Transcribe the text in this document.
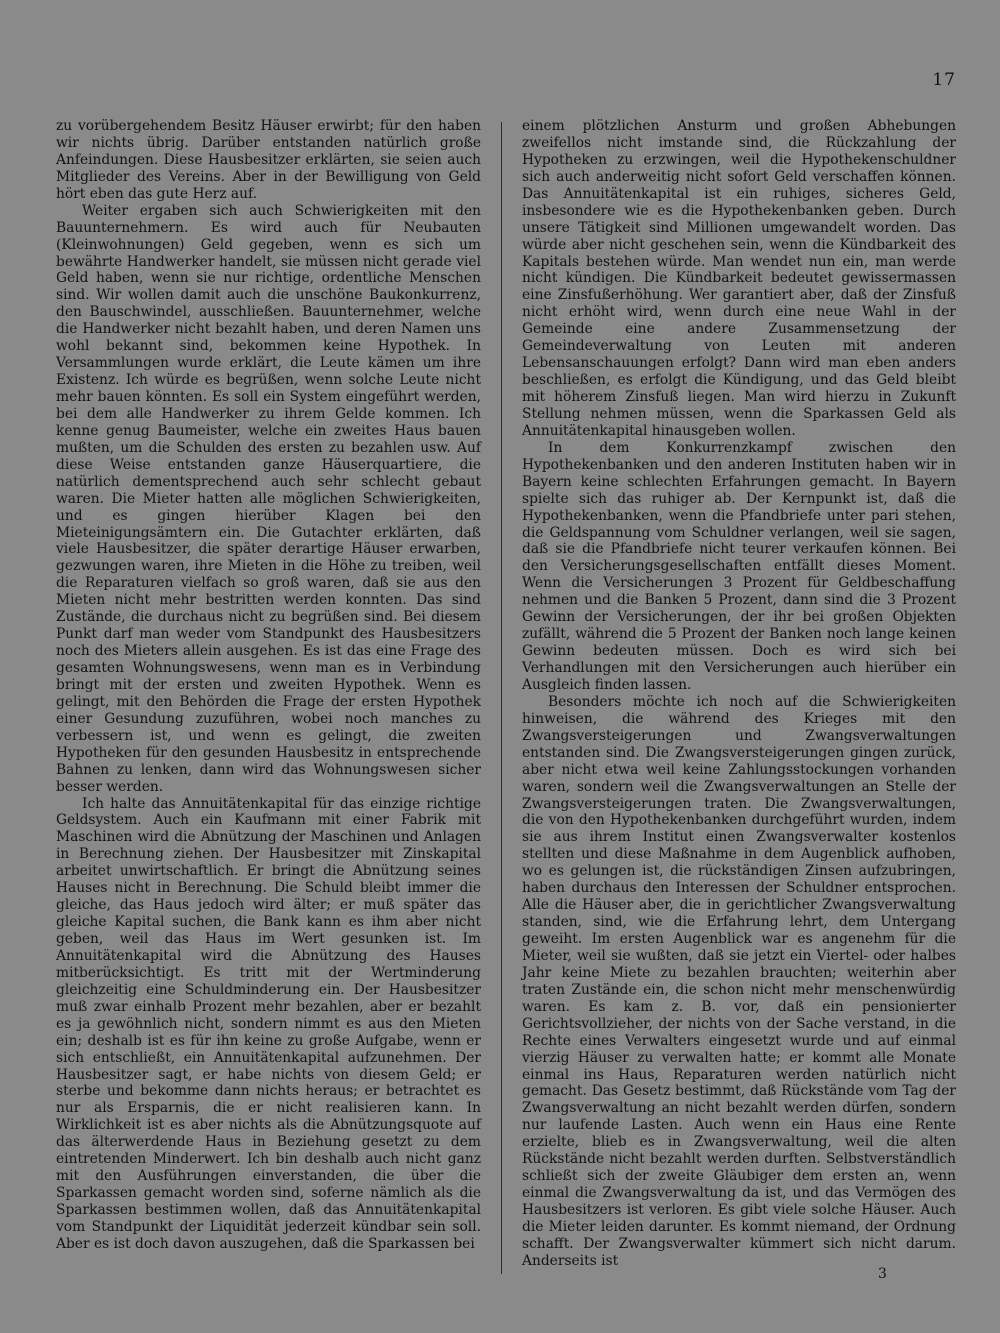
17

zu vorübergehendem Besitz Häuser erwirbt; für den haben wir nichts übrig. Darüber entstanden natürlich große Anfeindungen. Diese Hausbesitzer erklärten, sie seien auch Mitglieder des Vereins. Aber in der Bewilligung von Geld hört eben das gute Herz auf.

Weiter ergaben sich auch Schwierigkeiten mit den Bauunternehmern. Es wird auch für Neubauten (Kleinwohnungen) Geld gegeben, wenn es sich um bewährte Handwerker handelt, sie müssen nicht gerade viel Geld haben, wenn sie nur richtige, ordentliche Menschen sind. Wir wollen damit auch die unschöne Baukonkurrenz, den Bauschwindel, ausschließen. Bauunternehmer, welche die Handwerker nicht bezahlt haben, und deren Namen uns wohl bekannt sind, bekommen keine Hypothek. In Versammlungen wurde erklärt, die Leute kämen um ihre Existenz. Ich würde es begrüßen, wenn solche Leute nicht mehr bauen könnten. Es soll ein System eingeführt werden, bei dem alle Handwerker zu ihrem Gelde kommen. Ich kenne genug Baumeister, welche ein zweites Haus bauen mußten, um die Schulden des ersten zu bezahlen usw. Auf diese Weise entstanden ganze Häuserquartiere, die natürlich dementsprechend auch sehr schlecht gebaut waren. Die Mieter hatten alle möglichen Schwierigkeiten, und es gingen hierüber Klagen bei den Mieteinigungsämtern ein. Die Gutachter erklärten, daß viele Hausbesitzer, die später derartige Häuser erwarben, gezwungen waren, ihre Mieten in die Höhe zu treiben, weil die Reparaturen vielfach so groß waren, daß sie aus den Mieten nicht mehr bestritten werden konnten. Das sind Zustände, die durchaus nicht zu begrüßen sind. Bei diesem Punkt darf man weder vom Standpunkt des Hausbesitzers noch des Mieters allein ausgehen. Es ist das eine Frage des gesamten Wohnungswesens, wenn man es in Verbindung bringt mit der ersten und zweiten Hypothek. Wenn es gelingt, mit den Behörden die Frage der ersten Hypothek einer Gesundung zuzuführen, wobei noch manches zu verbessern ist, und wenn es gelingt, die zweiten Hypotheken für den gesunden Hausbesitz in entsprechende Bahnen zu lenken, dann wird das Wohnungswesen sicher besser werden.

Ich halte das Annuitätenkapital für das einzige richtige Geldsystem. Auch ein Kaufmann mit einer Fabrik mit Maschinen wird die Abnützung der Maschinen und Anlagen in Berechnung ziehen. Der Hausbesitzer mit Zinskapital arbeitet unwirtschaftlich. Er bringt die Abnützung seines Hauses nicht in Berechnung. Die Schuld bleibt immer die gleiche, das Haus jedoch wird älter; er muß später das gleiche Kapital suchen, die Bank kann es ihm aber nicht geben, weil das Haus im Wert gesunken ist. Im Annuitätenkapital wird die Abnützung des Hauses mitberücksichtigt. Es tritt mit der Wertminderung gleichzeitig eine Schuldminderung ein. Der Hausbesitzer muß zwar einhalb Prozent mehr bezahlen, aber er bezahlt es ja gewöhnlich nicht, sondern nimmt es aus den Mieten ein; deshalb ist es für ihn keine zu große Aufgabe, wenn er sich entschließt, ein Annuitätenkapital aufzunehmen. Der Hausbesitzer sagt, er habe nichts von diesem Geld; er sterbe und bekomme dann nichts heraus; er betrachtet es nur als Ersparnis, die er nicht realisieren kann. In Wirklichkeit ist es aber nichts als die Abnützungsquote auf das älterwerdende Haus in Beziehung gesetzt zu dem eintretenden Minderwert. Ich bin deshalb auch nicht ganz mit den Ausführungen einverstanden, die über die Sparkassen gemacht worden sind, soferne nämlich als die Sparkassen bestimmen wollen, daß das Annuitätenkapital vom Standpunkt der Liquidität jederzeit kündbar sein soll. Aber es ist doch davon auszugehen, daß die Sparkassen bei

einem plötzlichen Ansturm und großen Abhebungen zweifellos nicht imstande sind, die Rückzahlung der Hypotheken zu erzwingen, weil die Hypothekenschuldner sich auch anderweitig nicht sofort Geld verschaffen können. Das Annuitätenkapital ist ein ruhiges, sicheres Geld, insbesondere wie es die Hypothekenbanken geben. Durch unsere Tätigkeit sind Millionen umgewandelt worden. Das würde aber nicht geschehen sein, wenn die Kündbarkeit des Kapitals bestehen würde. Man wendet nun ein, man werde nicht kündigen. Die Kündbarkeit bedeutet gewissermassen eine Zinsfußerhöhung. Wer garantiert aber, daß der Zinsfuß nicht erhöht wird, wenn durch eine neue Wahl in der Gemeinde eine andere Zusammensetzung der Gemeindeverwaltung von Leuten mit anderen Lebensanschauungen erfolgt? Dann wird man eben anders beschließen, es erfolgt die Kündigung, und das Geld bleibt mit höherem Zinsfuß liegen. Man wird hierzu in Zukunft Stellung nehmen müssen, wenn die Sparkassen Geld als Annuitätenkapital hinausgeben wollen.

In dem Konkurrenzkampf zwischen den Hypothekenbanken und den anderen Instituten haben wir in Bayern keine schlechten Erfahrungen gemacht. In Bayern spielte sich das ruhiger ab. Der Kernpunkt ist, daß die Hypothekenbanken, wenn die Pfandbriefe unter pari stehen, die Geldspannung vom Schuldner verlangen, weil sie sagen, daß sie die Pfandbriefe nicht teurer verkaufen können. Bei den Versicherungsgesellschaften entfällt dieses Moment. Wenn die Versicherungen 3 Prozent für Geldbeschaffung nehmen und die Banken 5 Prozent, dann sind die 3 Prozent Gewinn der Versicherungen, der ihr bei großen Objekten zufällt, während die 5 Prozent der Banken noch lange keinen Gewinn bedeuten müssen. Doch es wird sich bei Verhandlungen mit den Versicherungen auch hierüber ein Ausgleich finden lassen.

Besonders möchte ich noch auf die Schwierigkeiten hinweisen, die während des Krieges mit den Zwangsversteigerungen und Zwangsverwaltungen entstanden sind. Die Zwangsversteigerungen gingen zurück, aber nicht etwa weil keine Zahlungsstockungen vorhanden waren, sondern weil die Zwangsverwaltungen an Stelle der Zwangsversteigerungen traten. Die Zwangsverwaltungen, die von den Hypothekenbanken durchgeführt wurden, indem sie aus ihrem Institut einen Zwangsverwalter kostenlos stellten und diese Maßnahme in dem Augenblick aufhoben, wo es gelungen ist, die rückständigen Zinsen aufzubringen, haben durchaus den Interessen der Schuldner entsprochen. Alle die Häuser aber, die in gerichtlicher Zwangsverwaltung standen, sind, wie die Erfahrung lehrt, dem Untergang geweiht. Im ersten Augenblick war es angenehm für die Mieter, weil sie wußten, daß sie jetzt ein Viertel- oder halbes Jahr keine Miete zu bezahlen brauchten; weiterhin aber traten Zustände ein, die schon nicht mehr menschenwürdig waren. Es kam z. B. vor, daß ein pensionierter Gerichtsvollzieher, der nichts von der Sache verstand, in die Rechte eines Verwalters eingesetzt wurde und auf einmal vierzig Häuser zu verwalten hatte; er kommt alle Monate einmal ins Haus, Reparaturen werden natürlich nicht gemacht. Das Gesetz bestimmt, daß Rückstände vom Tag der Zwangsverwaltung an nicht bezahlt werden dürfen, sondern nur laufende Lasten. Auch wenn ein Haus eine Rente erzielte, blieb es in Zwangsverwaltung, weil die alten Rückstände nicht bezahlt werden durften. Selbstverständlich schließt sich der zweite Gläubiger dem ersten an, wenn einmal die Zwangsverwaltung da ist, und das Vermögen des Hausbesitzers ist verloren. Es gibt viele solche Häuser. Auch die Mieter leiden darunter. Es kommt niemand, der Ordnung schafft. Der Zwangsverwalter kümmert sich nicht darum. Anderseits ist

3
